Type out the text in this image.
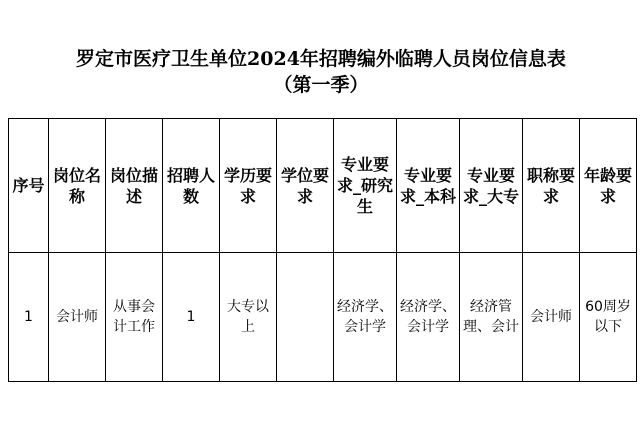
罗定市医疗卫生单位2024年招聘编外临聘人员岗位信息表
（第一季）
序号	岗位名称	岗位描述	招聘人数	学历要求	学位要求	专业要求_研究生	专业要求_本科	专业要求_大专	职称要求	年龄要求
1	会计师	从事会计工作	1	大专以上		经济学、会计学	经济学、会计学	经济管理、会计	会计师	60周岁以下
